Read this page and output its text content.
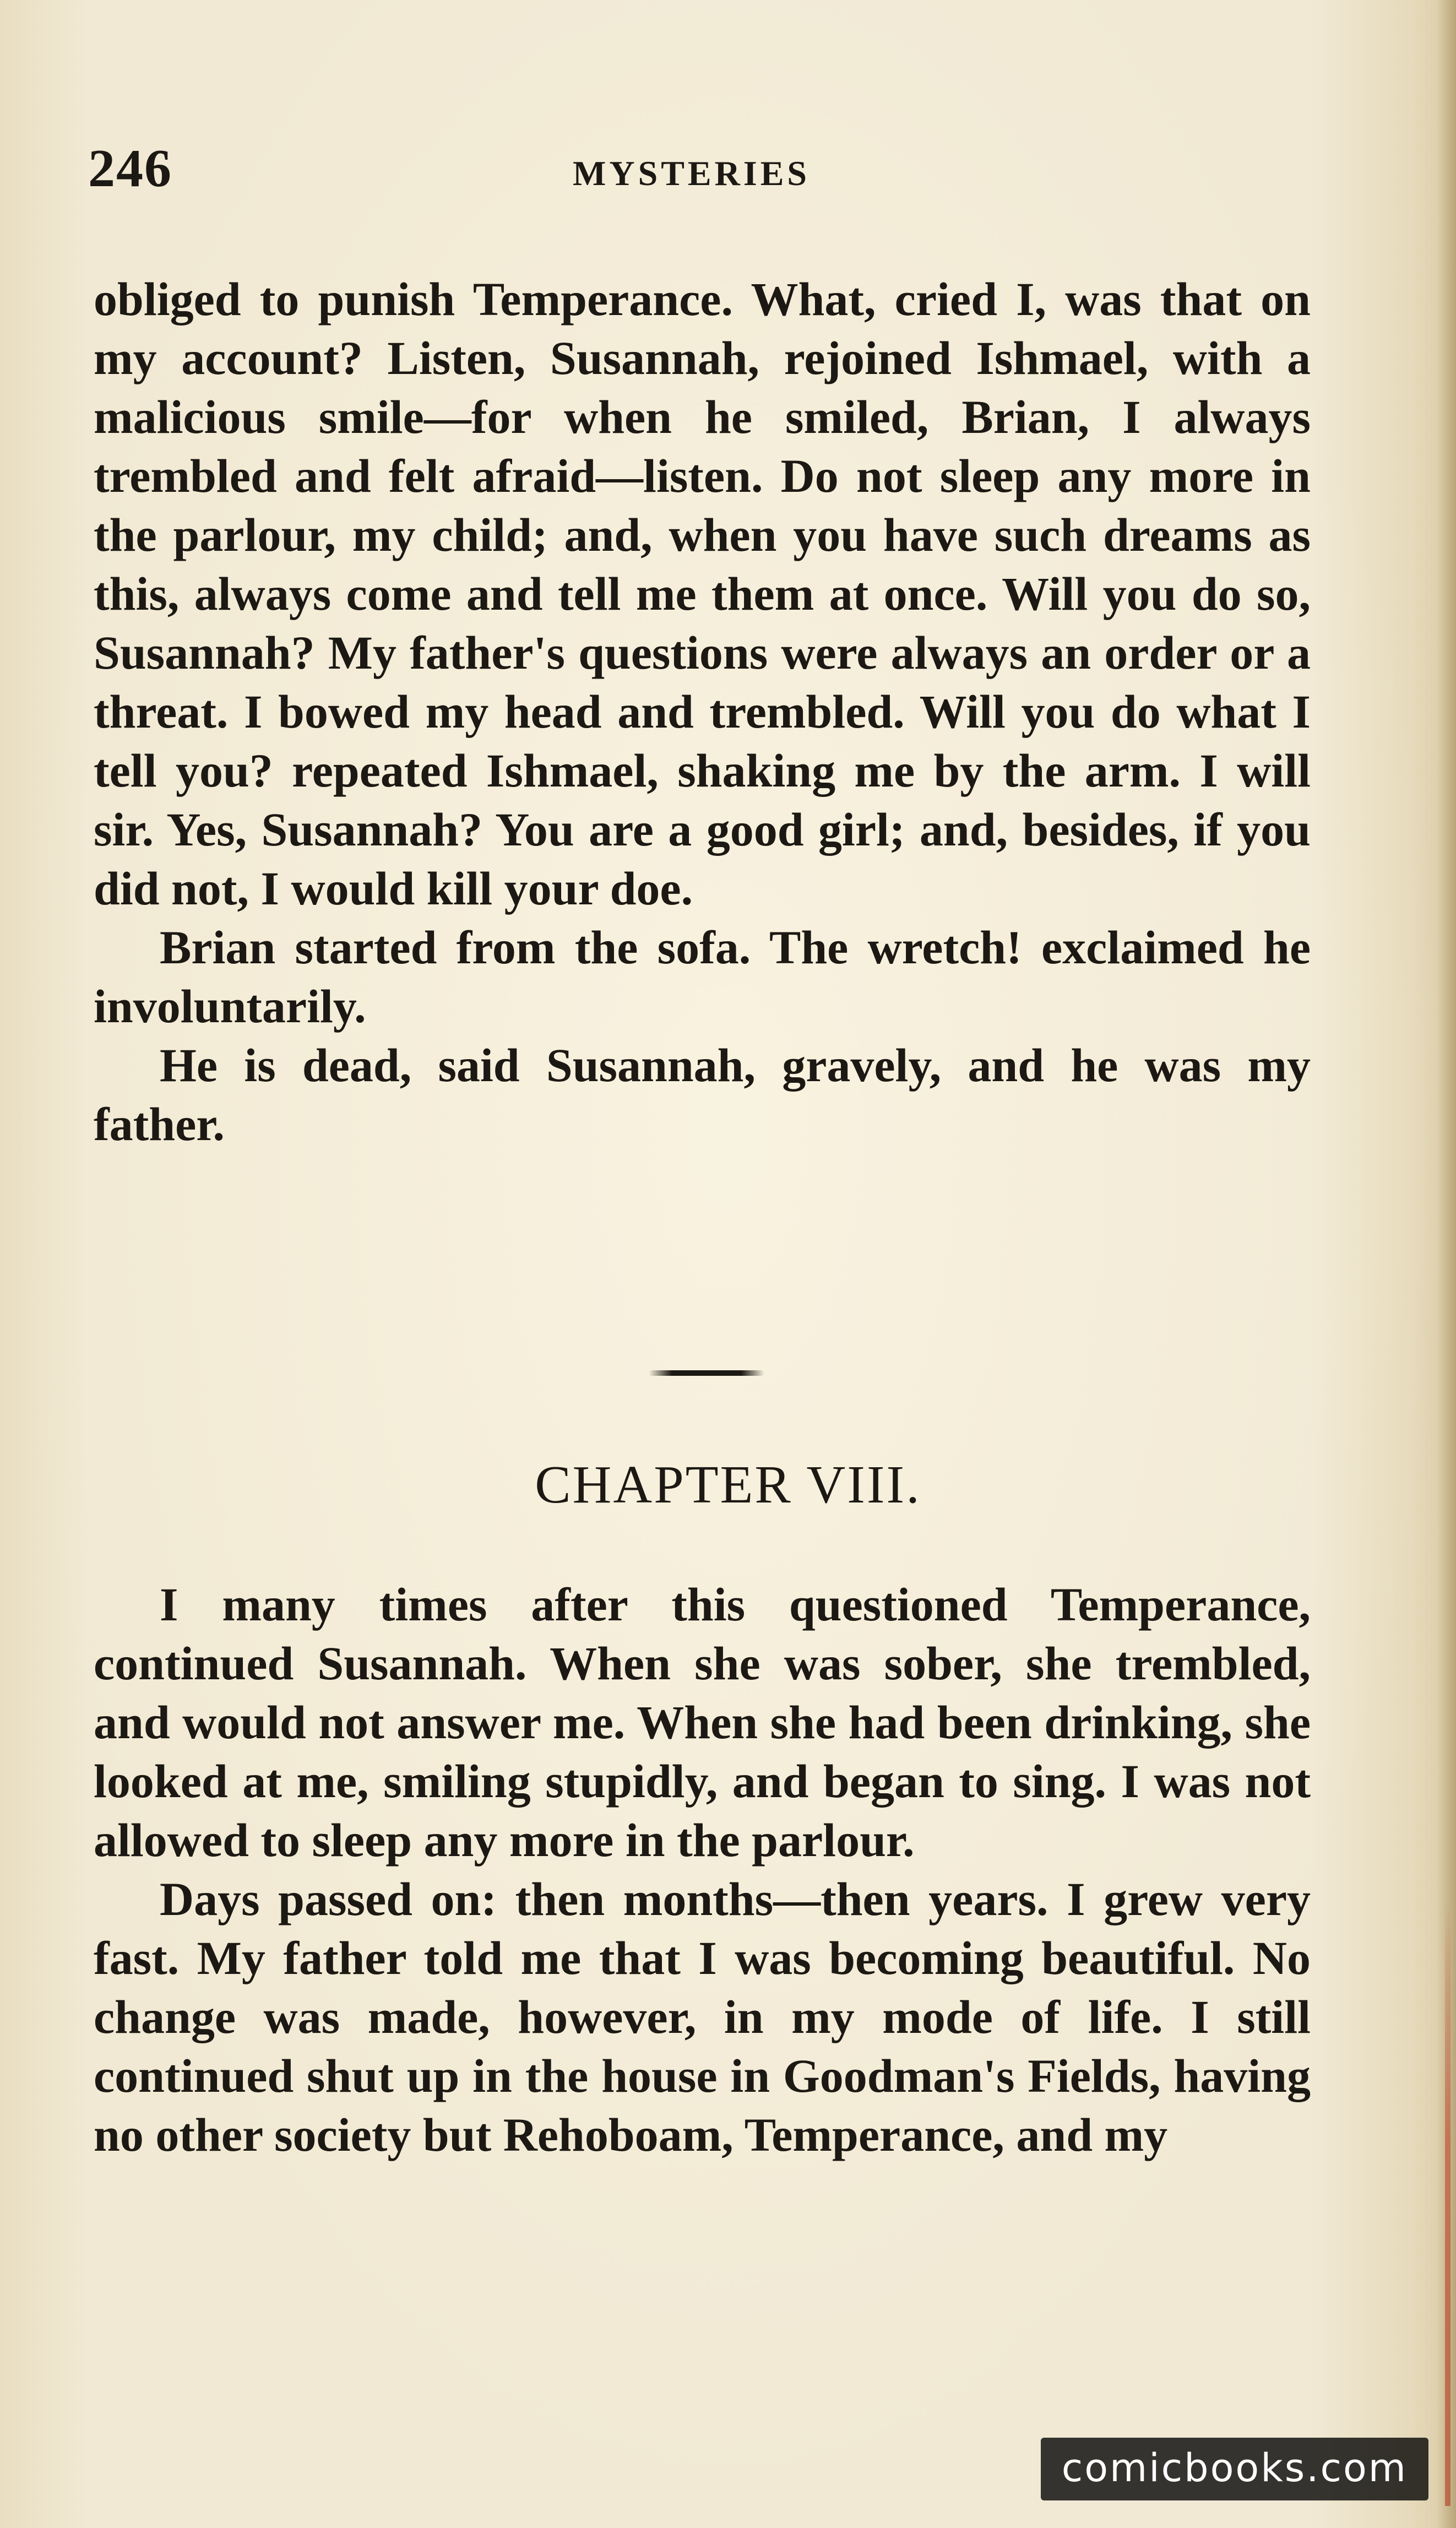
246	MYSTERIES

obliged to punish Temperance. What, cried I, was that on my account? Listen, Susannah, rejoined Ishmael, with a malicious smile—for when he smiled, Brian, I always trembled and felt afraid—listen. Do not sleep any more in the parlour, my child; and, when you have such dreams as this, always come and tell me them at once. Will you do so, Susannah? My father's questions were always an order or a threat. I bowed my head and trembled. Will you do what I tell you? repeated Ishmael, shaking me by the arm. I will sir. Yes, Susannah? You are a good girl; and, besides, if you did not, I would kill your doe.

Brian started from the sofa. The wretch! exclaimed he involuntarily.

He is dead, said Susannah, gravely, and he was my father.

CHAPTER VIII.

I many times after this questioned Temperance, continued Susannah. When she was sober, she trembled, and would not answer me. When she had been drinking, she looked at me, smiling stupidly, and began to sing. I was not allowed to sleep any more in the parlour.

Days passed on: then months—then years. I grew very fast. My father told me that I was becoming beautiful. No change was made, however, in my mode of life. I still continued shut up in the house in Goodman's Fields, having no other society but Rehoboam, Temperance, and my

comicbooks.com
